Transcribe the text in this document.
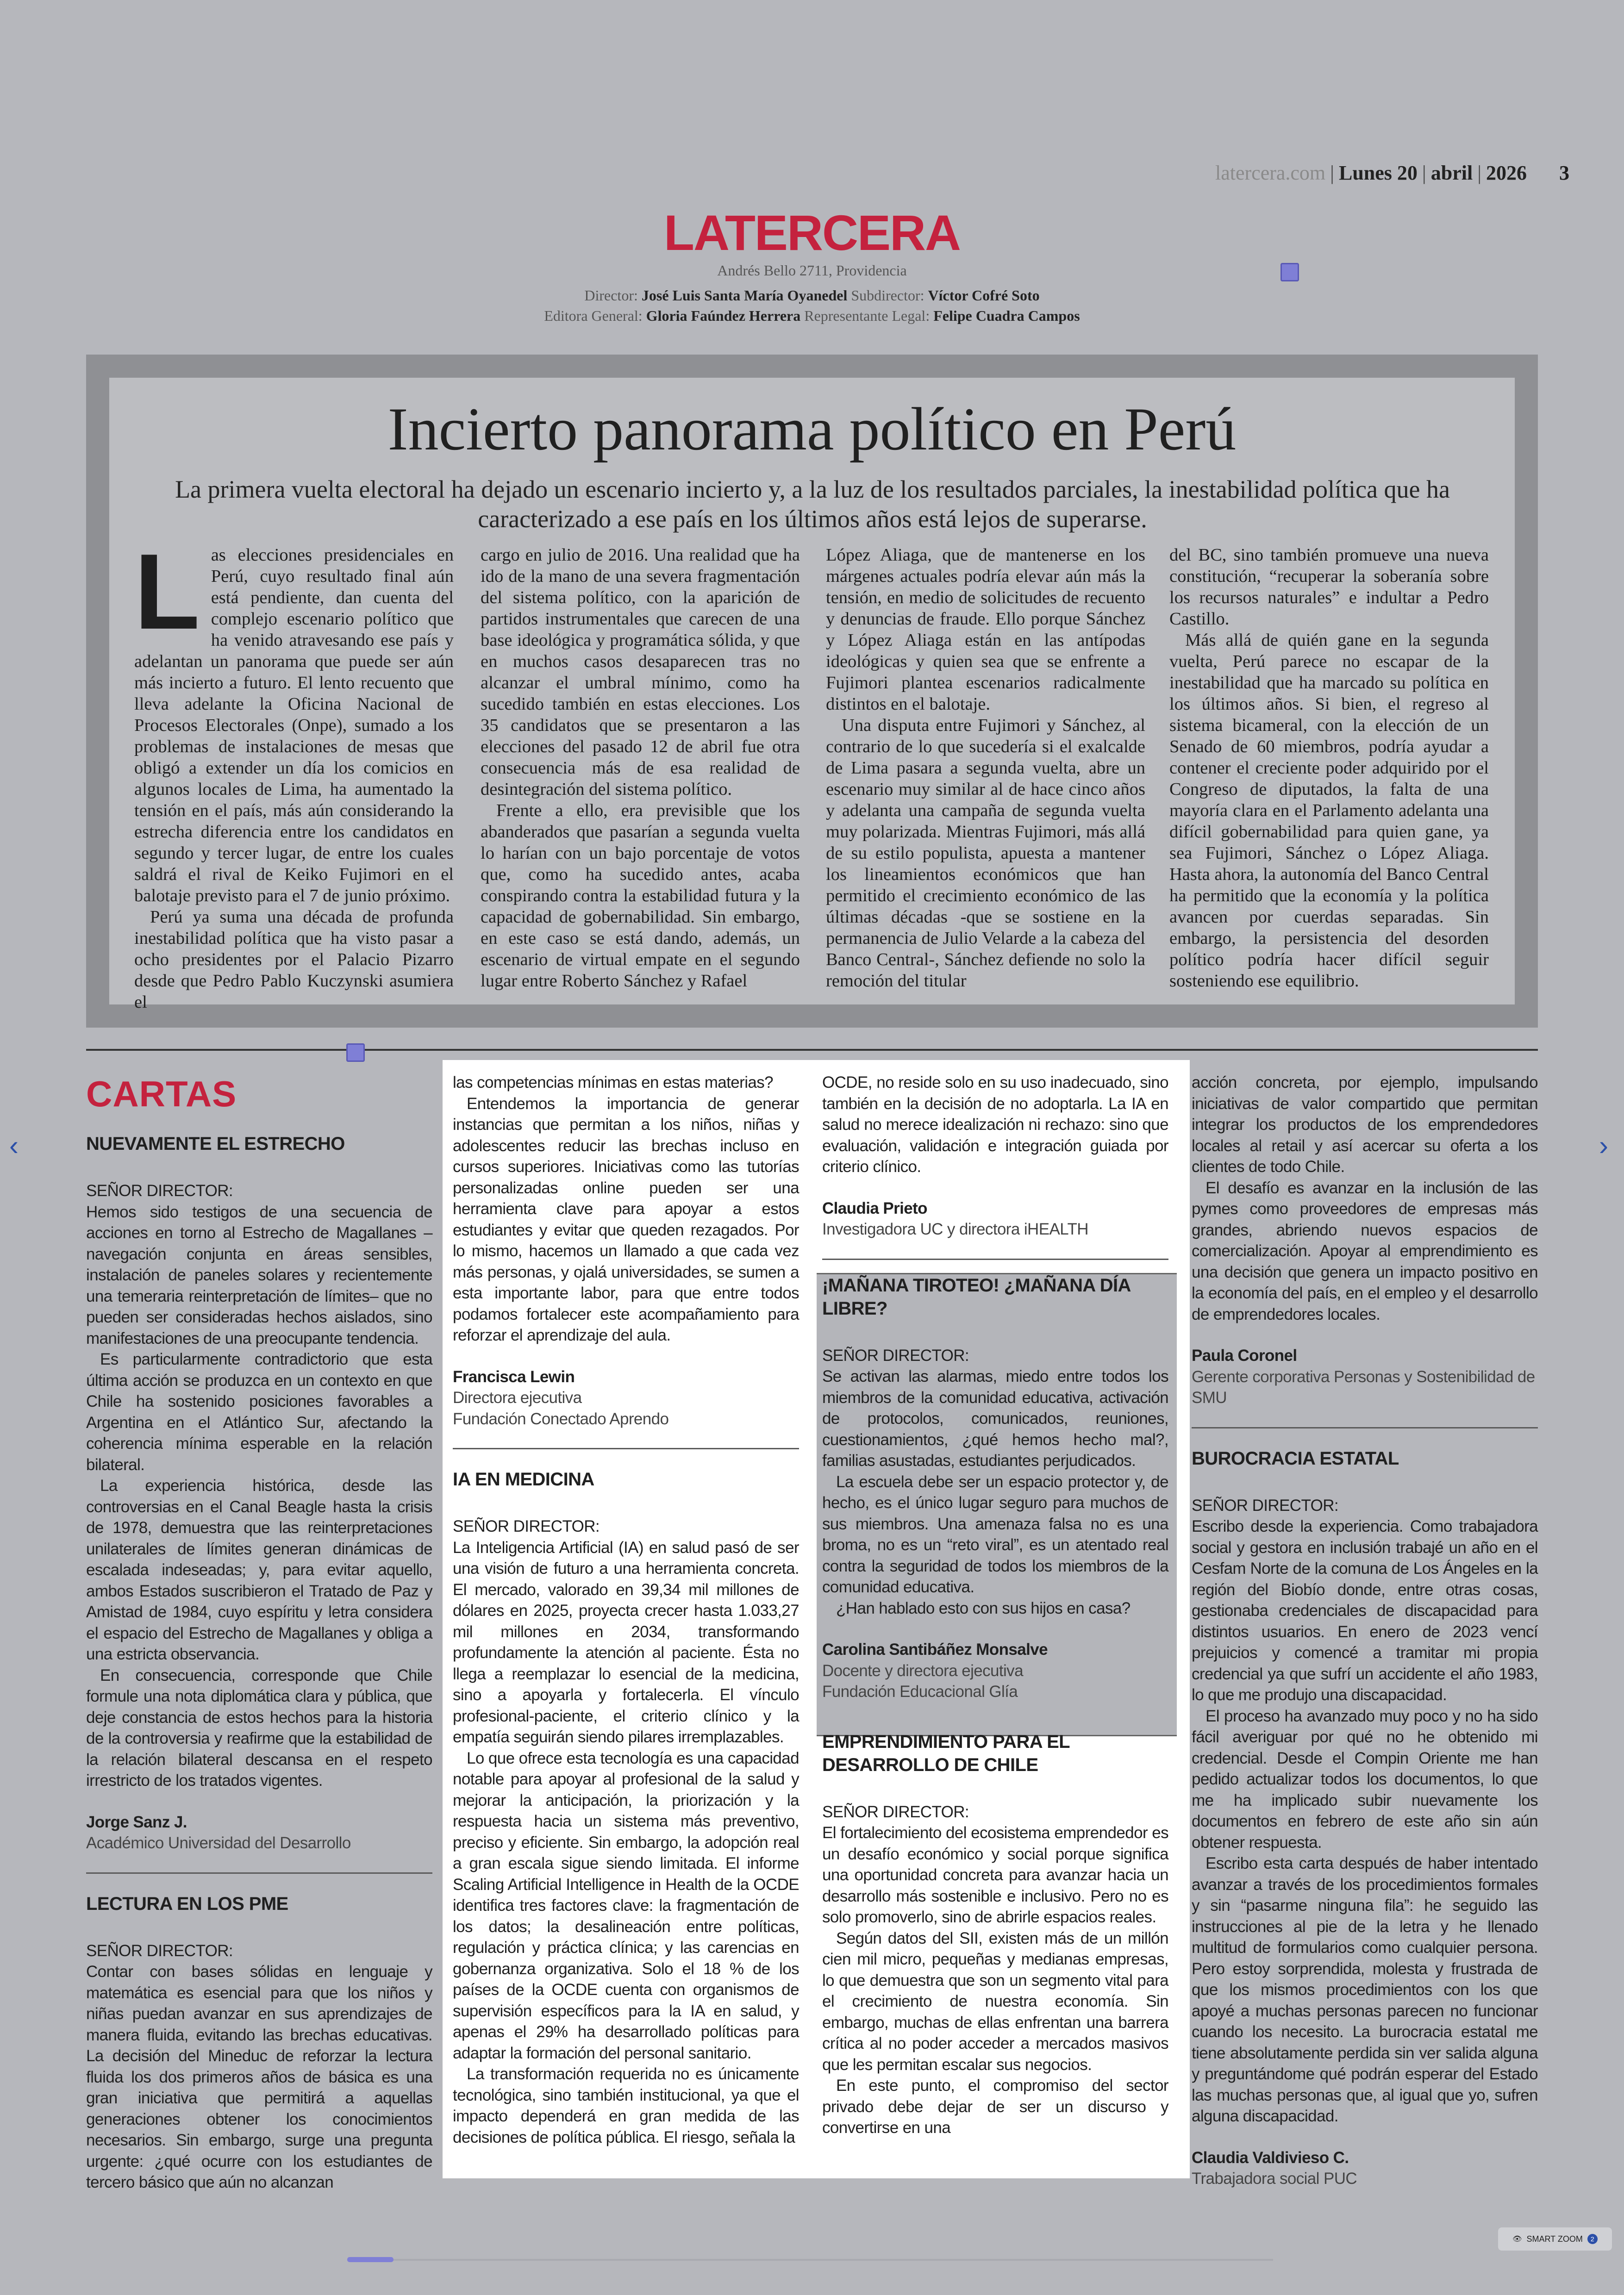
latercera.com | Lunes 20 | abril | 2026 3
LATERCERA
Andrés Bello 2711, Providencia
Director: José Luis Santa María Oyanedel Subdirector: Víctor Cofré Soto
Editora General: Gloria Faúndez Herrera Representante Legal: Felipe Cuadra Campos
Incierto panorama político en Perú
La primera vuelta electoral ha dejado un escenario incierto y, a la luz de los resultados parciales, la inestabilidad política que ha caracterizado a ese país en los últimos años está lejos de superarse.

Las elecciones presidenciales en Perú, cuyo resultado final aún está pendiente, dan cuenta del complejo escenario político que ha venido atravesando ese país y adelantan un panorama que puede ser aún más incierto a futuro. El lento recuento que lleva adelante la Oficina Nacional de Procesos Electorales (Onpe), sumado a los problemas de instalaciones de mesas que obligó a extender un día los comicios en algunos locales de Lima, ha aumentado la tensión en el país, más aún considerando la estrecha diferencia entre los candidatos en segundo y tercer lugar, de entre los cuales saldrá el rival de Keiko Fujimori en el balotaje previsto para el 7 de junio próximo.

Perú ya suma una década de profunda inestabilidad política que ha visto pasar a ocho presidentes por el Palacio Pizarro desde que Pedro Pablo Kuczynski asumiera el

cargo en julio de 2016. Una realidad que ha ido de la mano de una severa fragmentación del sistema político, con la aparición de partidos instrumentales que carecen de una base ideológica y programática sólida, y que en muchos casos desaparecen tras no alcanzar el umbral mínimo, como ha sucedido también en estas elecciones. Los 35 candidatos que se presentaron a las elecciones del pasado 12 de abril fue otra consecuencia más de esa realidad de desintegración del sistema político.

Frente a ello, era previsible que los abanderados que pasarían a segunda vuelta lo harían con un bajo porcentaje de votos que, como ha sucedido antes, acaba conspirando contra la estabilidad futura y la capacidad de gobernabilidad. Sin embargo, en este caso se está dando, además, un escenario de virtual empate en el segundo lugar entre Roberto Sánchez y Rafael

López Aliaga, que de mantenerse en los márgenes actuales podría elevar aún más la tensión, en medio de solicitudes de recuento y denuncias de fraude. Ello porque Sánchez y López Aliaga están en las antípodas ideológicas y quien sea que se enfrente a Fujimori plantea escenarios radicalmente distintos en el balotaje.

Una disputa entre Fujimori y Sánchez, al contrario de lo que sucedería si el exalcalde de Lima pasara a segunda vuelta, abre un escenario muy similar al de hace cinco años y adelanta una campaña de segunda vuelta muy polarizada. Mientras Fujimori, más allá de su estilo populista, apuesta a mantener los lineamientos económicos que han permitido el crecimiento económico de las últimas décadas -que se sostiene en la permanencia de Julio Velarde a la cabeza del Banco Central-, Sánchez defiende no solo la remoción del titular

del BC, sino también promueve una nueva constitución, “recuperar la soberanía sobre los recursos naturales” e indultar a Pedro Castillo.

Más allá de quién gane en la segunda vuelta, Perú parece no escapar de la inestabilidad que ha marcado su política en los últimos años. Si bien, el regreso al sistema bicameral, con la elección de un Senado de 60 miembros, podría ayudar a contener el creciente poder adquirido por el Congreso de diputados, la falta de una mayoría clara en el Parlamento adelanta una difícil gobernabilidad para quien gane, ya sea Fujimori, Sánchez o López Aliaga. Hasta ahora, la autonomía del Banco Central ha permitido que la economía y la política avancen por cuerdas separadas. Sin embargo, la persistencia del desorden político podría hacer difícil seguir sosteniendo ese equilibrio.

CARTAS

NUEVAMENTE EL ESTRECHO

SEÑOR DIRECTOR:

Hemos sido testigos de una secuencia de acciones en torno al Estrecho de Magallanes –navegación conjunta en áreas sensibles, instalación de paneles solares y recientemente una temeraria reinterpretación de límites– que no pueden ser consideradas hechos aislados, sino manifestaciones de una preocupante tendencia.

Es particularmente contradictorio que esta última acción se produzca en un contexto en que Chile ha sostenido posiciones favorables a Argentina en el Atlántico Sur, afectando la coherencia mínima esperable en la relación bilateral.

La experiencia histórica, desde las controversias en el Canal Beagle hasta la crisis de 1978, demuestra que las reinterpretaciones unilaterales de límites generan dinámicas de escalada indeseadas; y, para evitar aquello, ambos Estados suscribieron el Tratado de Paz y Amistad de 1984, cuyo espíritu y letra considera el espacio del Estrecho de Magallanes y obliga a una estricta observancia.

En consecuencia, corresponde que Chile formule una nota diplomática clara y pública, que deje constancia de estos hechos para la historia de la controversia y reafirme que la estabilidad de la relación bilateral descansa en el respeto irrestricto de los tratados vigentes.

Jorge Sanz J.

Académico Universidad del Desarrollo

LECTURA EN LOS PME

SEÑOR DIRECTOR:

Contar con bases sólidas en lenguaje y matemática es esencial para que los niños y niñas puedan avanzar en sus aprendizajes de manera fluida, evitando las brechas educativas. La decisión del Mineduc de reforzar la lectura fluida los dos primeros años de básica es una gran iniciativa que permitirá a aquellas generaciones obtener los conocimientos necesarios. Sin embargo, surge una pregunta urgente: ¿qué ocurre con los estudiantes de tercero básico que aún no alcanzan

las competencias mínimas en estas materias?

Entendemos la importancia de generar instancias que permitan a los niños, niñas y adolescentes reducir las brechas incluso en cursos superiores. Iniciativas como las tutorías personalizadas online pueden ser una herramienta clave para apoyar a estos estudiantes y evitar que queden rezagados. Por lo mismo, hacemos un llamado a que cada vez más personas, y ojalá universidades, se sumen a esta importante labor, para que entre todos podamos fortalecer este acompañamiento para reforzar el aprendizaje del aula.

Francisca Lewin

Directora ejecutiva

Fundación Conectado Aprendo

IA EN MEDICINA

SEÑOR DIRECTOR:

La Inteligencia Artificial (IA) en salud pasó de ser una visión de futuro a una herramienta concreta. El mercado, valorado en 39,34 mil millones de dólares en 2025, proyecta crecer hasta 1.033,27 mil millones en 2034, transformando profundamente la atención al paciente. Ésta no llega a reemplazar lo esencial de la medicina, sino a apoyarla y fortalecerla. El vínculo profesional-paciente, el criterio clínico y la empatía seguirán siendo pilares irremplazables.

Lo que ofrece esta tecnología es una capacidad notable para apoyar al profesional de la salud y mejorar la anticipación, la priorización y la respuesta hacia un sistema más preventivo, preciso y eficiente. Sin embargo, la adopción real a gran escala sigue siendo limitada. El informe Scaling Artificial Intelligence in Health de la OCDE identifica tres factores clave: la fragmentación de los datos; la desalineación entre políticas, regulación y práctica clínica; y las carencias en gobernanza organizativa. Solo el 18 % de los países de la OCDE cuenta con organismos de supervisión específicos para la IA en salud, y apenas el 29% ha desarrollado políticas para adaptar la formación del personal sanitario.

La transformación requerida no es únicamente tecnológica, sino también institucional, ya que el impacto dependerá en gran medida de las decisiones de política pública. El riesgo, señala la

OCDE, no reside solo en su uso inadecuado, sino también en la decisión de no adoptarla. La IA en salud no merece idealización ni rechazo: sino que evaluación, validación e integración guiada por criterio clínico.

Claudia Prieto

Investigadora UC y directora iHEALTH

¡MAÑANA TIROTEO! ¿MAÑANA DÍA LIBRE?

SEÑOR DIRECTOR:

Se activan las alarmas, miedo entre todos los miembros de la comunidad educativa, activación de protocolos, comunicados, reuniones, cuestionamientos, ¿qué hemos hecho mal?, familias asustadas, estudiantes perjudicados.

La escuela debe ser un espacio protector y, de hecho, es el único lugar seguro para muchos de sus miembros. Una amenaza falsa no es una broma, no es un “reto viral”, es un atentado real contra la seguridad de todos los miembros de la comunidad educativa.

¿Han hablado esto con sus hijos en casa?

Carolina Santibáñez Monsalve

Docente y directora ejecutiva

Fundación Educacional Glía

EMPRENDIMIENTO PARA EL DESARROLLO DE CHILE

SEÑOR DIRECTOR:

El fortalecimiento del ecosistema emprendedor es un desafío económico y social porque significa una oportunidad concreta para avanzar hacia un desarrollo más sostenible e inclusivo. Pero no es solo promoverlo, sino de abrirle espacios reales.

Según datos del SII, existen más de un millón cien mil micro, pequeñas y medianas empresas, lo que demuestra que son un segmento vital para el crecimiento de nuestra economía. Sin embargo, muchas de ellas enfrentan una barrera crítica al no poder acceder a mercados masivos que les permitan escalar sus negocios.

En este punto, el compromiso del sector privado debe dejar de ser un discurso y convertirse en una

acción concreta, por ejemplo, impulsando iniciativas de valor compartido que permitan integrar los productos de los emprendedores locales al retail y así acercar su oferta a los clientes de todo Chile.

El desafío es avanzar en la inclusión de las pymes como proveedores de empresas más grandes, abriendo nuevos espacios de comercialización. Apoyar al emprendimiento es una decisión que genera un impacto positivo en la economía del país, en el empleo y el desarrollo de emprendedores locales.

Paula Coronel

Gerente corporativa Personas y Sostenibilidad de SMU

BUROCRACIA ESTATAL

SEÑOR DIRECTOR:

Escribo desde la experiencia. Como trabajadora social y gestora en inclusión trabajé un año en el Cesfam Norte de la comuna de Los Ángeles en la región del Biobío donde, entre otras cosas, gestionaba credenciales de discapacidad para distintos usuarios. En enero de 2023 vencí prejuicios y comencé a tramitar mi propia credencial ya que sufrí un accidente el año 1983, lo que me produjo una discapacidad.

El proceso ha avanzado muy poco y no ha sido fácil averiguar por qué no he obtenido mi credencial. Desde el Compin Oriente me han pedido actualizar todos los documentos, lo que me ha implicado subir nuevamente los documentos en febrero de este año sin aún obtener respuesta.

Escribo esta carta después de haber intentado avanzar a través de los procedimientos formales y sin “pasarme ninguna fila”: he seguido las instrucciones al pie de la letra y he llenado multitud de formularios como cualquier persona. Pero estoy sorprendida, molesta y frustrada de que los mismos procedimientos con los que apoyé a muchas personas parecen no funcionar cuando los necesito. La burocracia estatal me tiene absolutamente perdida sin ver salida alguna y preguntándome qué podrán esperar del Estado las muchas personas que, al igual que yo, sufren alguna discapacidad.

Claudia Valdivieso C.

Trabajadora social PUC

‹	›
👁 SMART ZOOM	2
